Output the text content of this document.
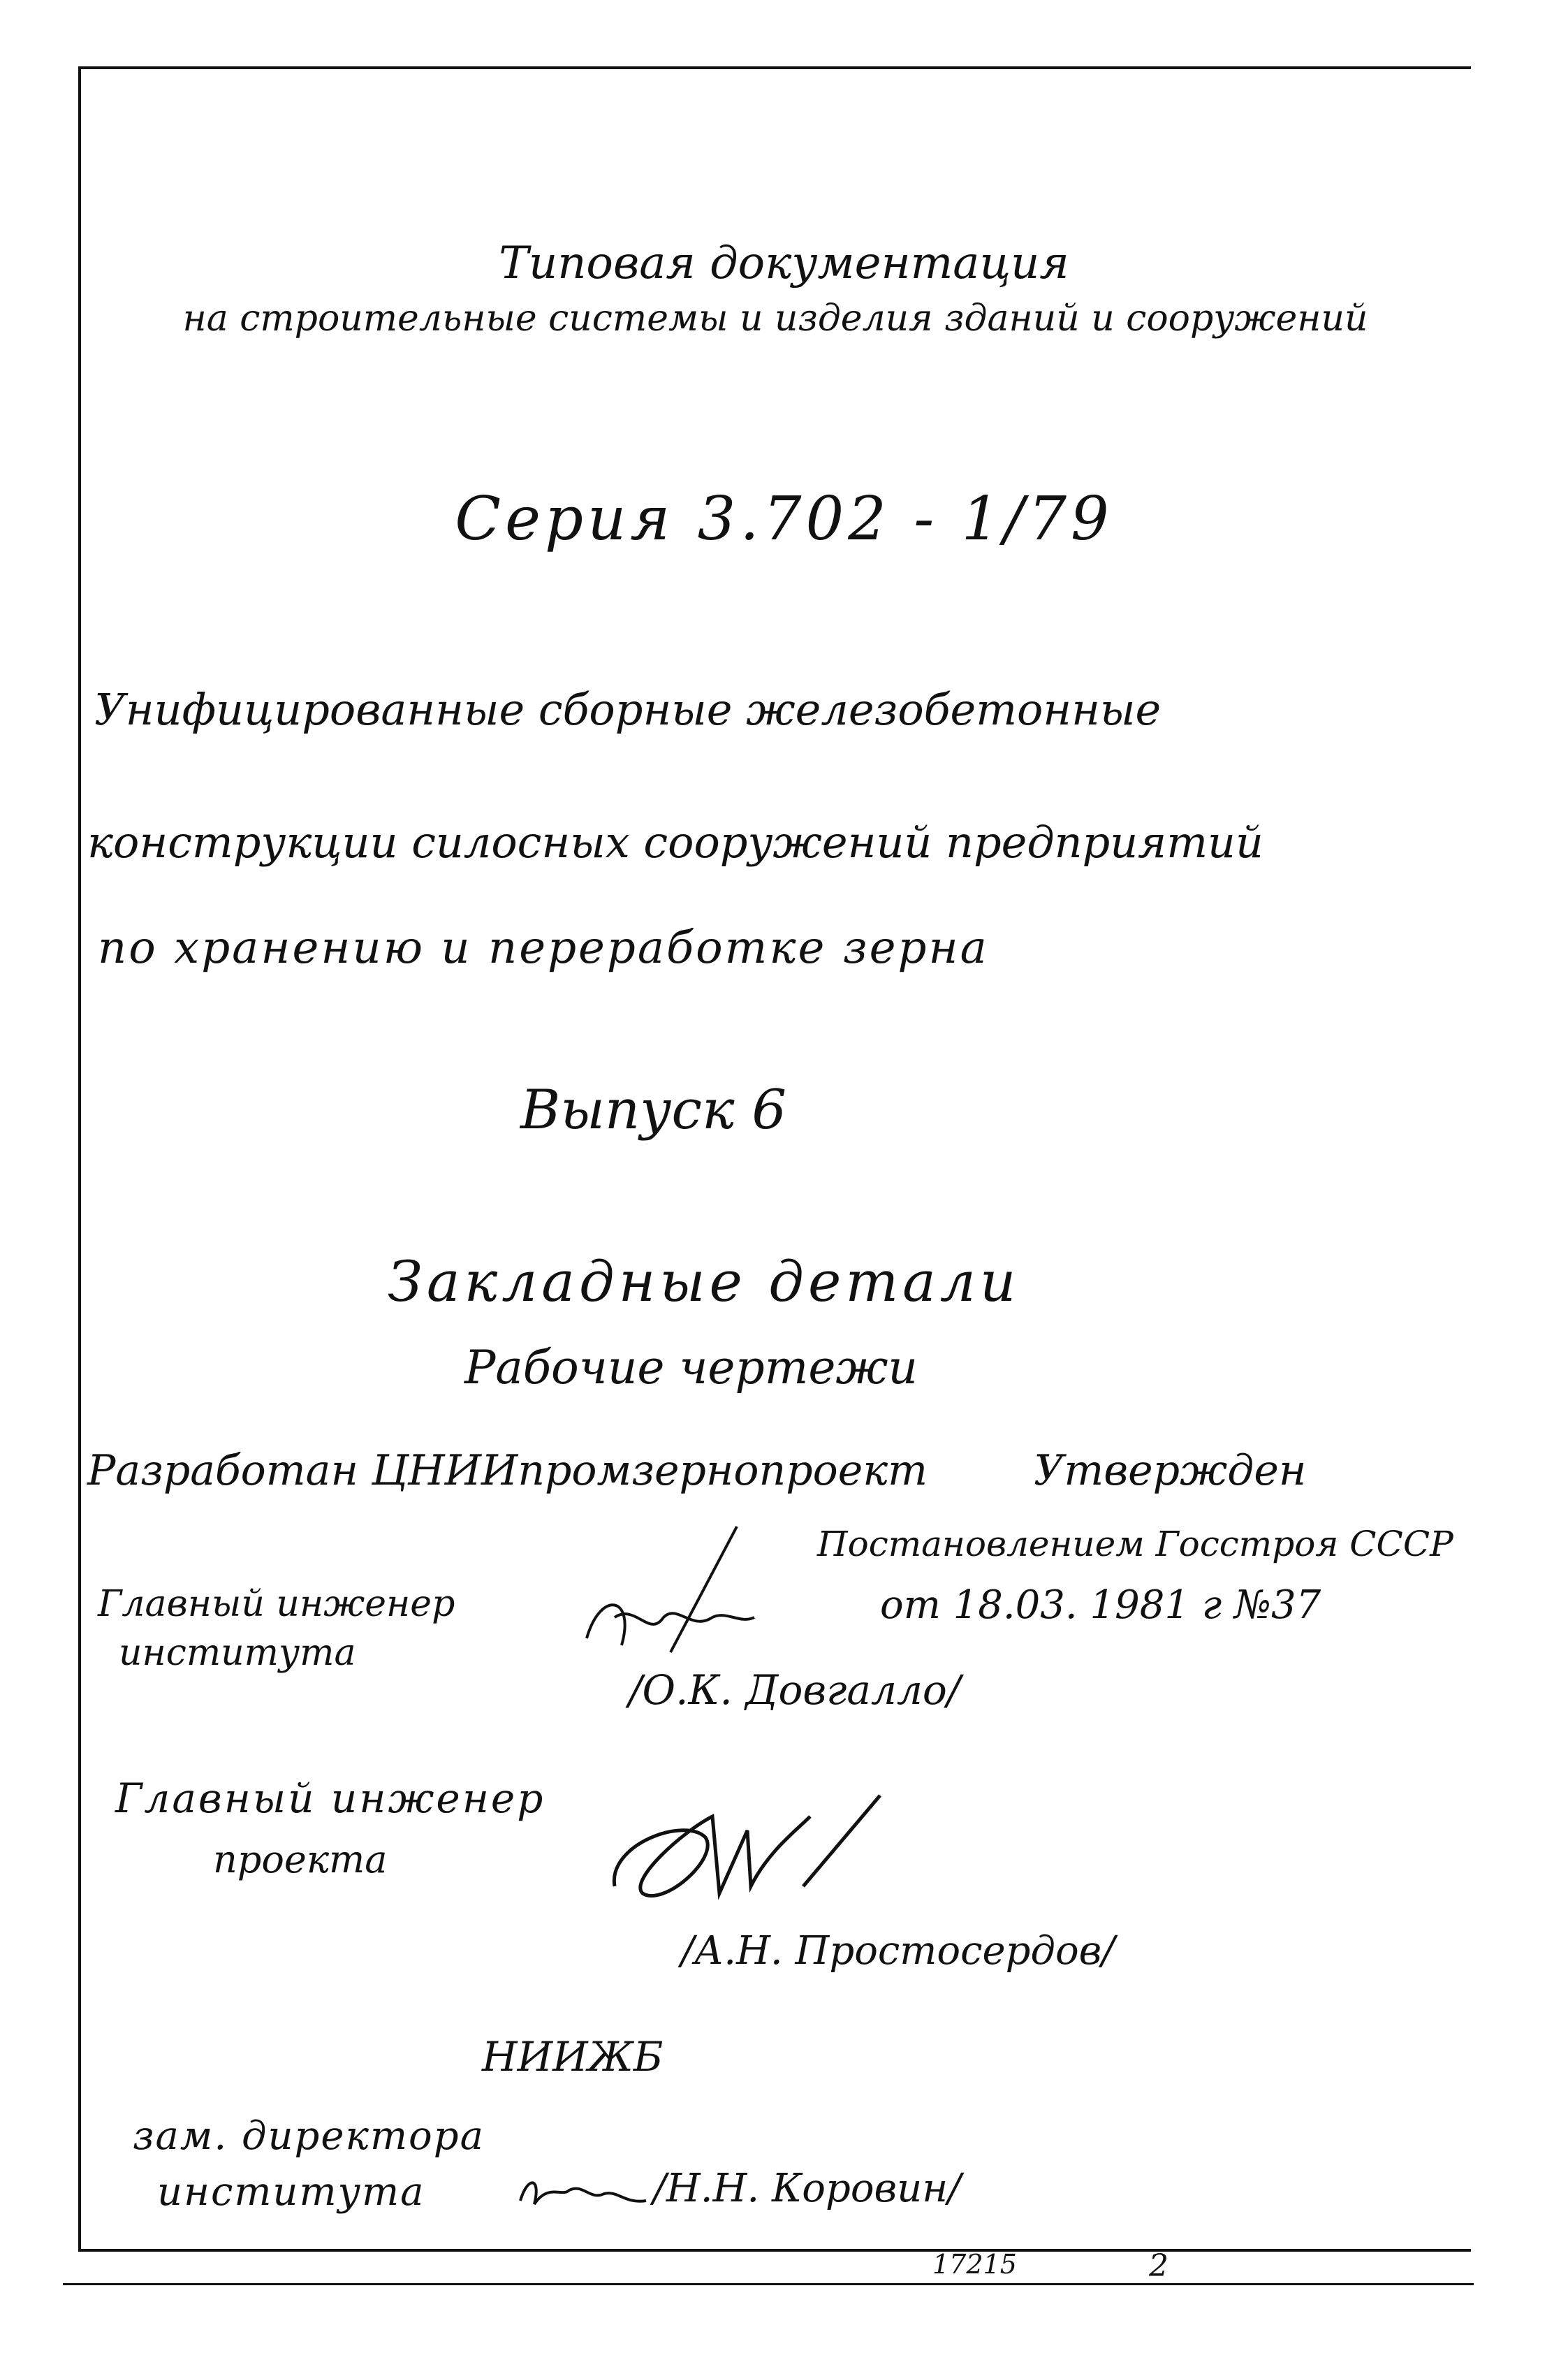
Типовая документация
на строительные системы и изделия зданий и сооружений
Серия 3.702 - 1/79
Унифицированные сборные железобетонные
конструкции силосных сооружений предприятий
по хранению и переработке зерна
Выпуск 6
Закладные детали
Рабочие чертежи
Разработан ЦНИИпромзернопроект	Утвержден
Постановлением Госстроя СССР
от 18.03. 1981 г №37
Главный инженер
института
/О.К. Довгалло/
Главный инженер
проекта
/А.Н. Простосердов/
НИИЖБ
зам. директора
института	/Н.Н. Коровин/
17215	2
